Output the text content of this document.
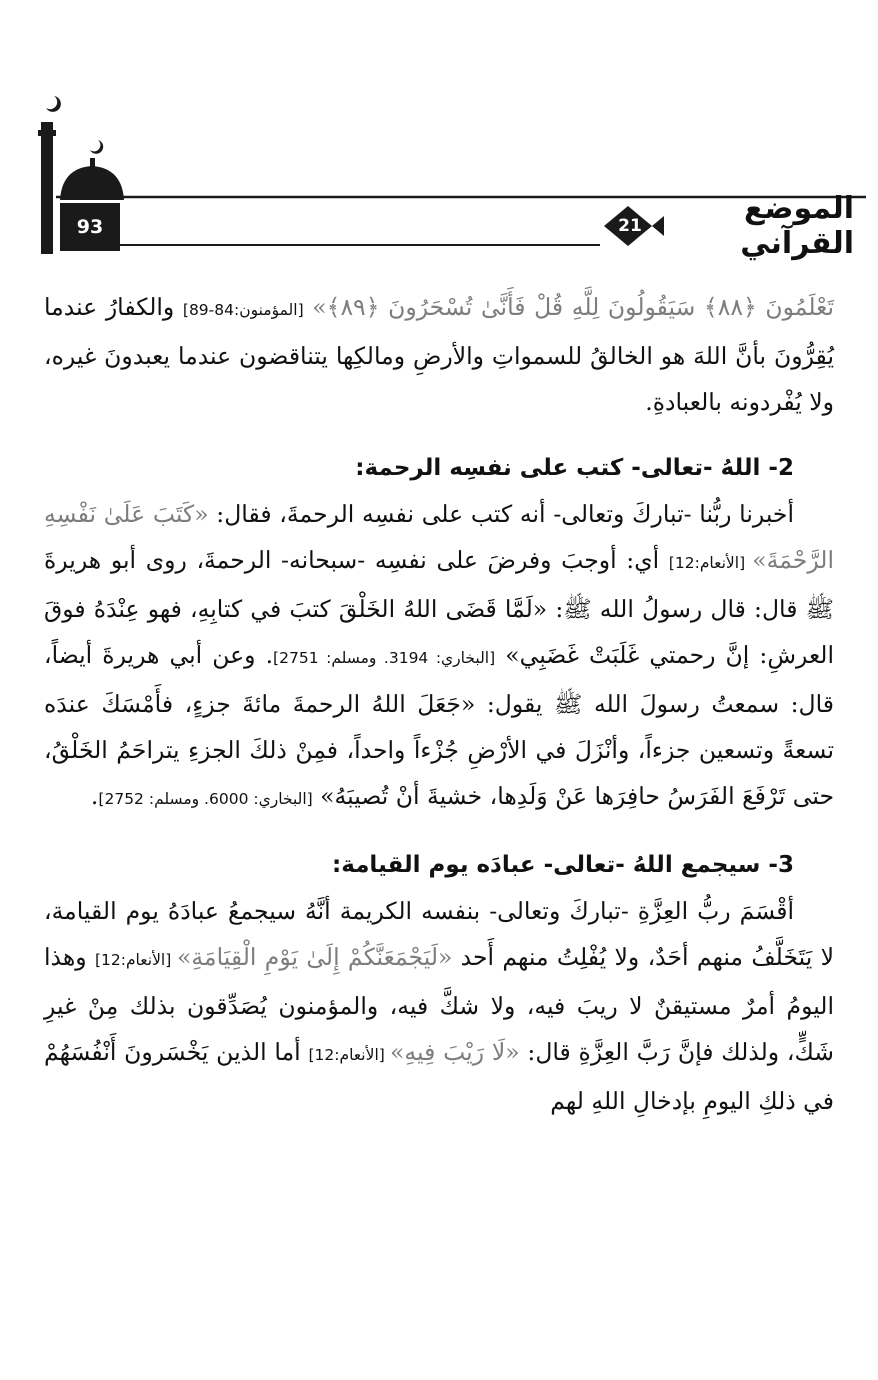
93	21	الموضع القرآني

تَعْلَمُونَ ﴿٨٨﴾ سَيَقُولُونَ لِلَّهِ قُلْ فَأَنَّىٰ تُسْحَرُونَ ﴿٨٩﴾» [المؤمنون:84-89] والكفارُ عندما يُقِرُّونَ بأنَّ اللهَ هو الخالقُ للسمواتِ والأرضِ ومالكِها يتناقضون عندما يعبدونَ غيره، ولا يُفْردونه بالعبادةِ.

2- اللهُ -تعالى- كتب على نفسِه الرحمة:

أخبرنا ربُّنا -تباركَ وتعالى- أنه كتب على نفسِه الرحمةَ، فقال: «كَتَبَ عَلَىٰ نَفْسِهِ الرَّحْمَةَ» [الأنعام:12] أي: أوجبَ وفرضَ على نفسِه -سبحانه- الرحمةَ، روى أبو هريرةَ ﷺ قال: قال رسولُ الله ﷺ: «لَمَّا قَضَى اللهُ الخَلْقَ كتبَ في كتابِهِ، فهو عِنْدَهُ فوقَ العرشِ: إنَّ رحمتي غَلَبَتْ غَضَبِي» [البخاري: 3194. ومسلم: 2751]. وعن أبي هريرةَ أيضاً، قال: سمعتُ رسولَ الله ﷺ يقول: «جَعَلَ اللهُ الرحمةَ مائةَ جزءٍ، فأَمْسَكَ عندَه تسعةً وتسعين جزءاً، وأنْزَلَ في الأرْضِ جُزْءاً واحداً، فمِنْ ذلكَ الجزءِ يتراحَمُ الخَلْقُ، حتى تَرْفَعَ الفَرَسُ حافِرَها عَنْ وَلَدِها، خشيةَ أنْ تُصيبَهُ» [البخاري: 6000. ومسلم: 2752].

3- سيجمع اللهُ -تعالى- عبادَه يوم القيامة:

أقْسَمَ ربُّ العِزَّةِ -تباركَ وتعالى- بنفسه الكريمة أنَّهُ سيجمعُ عبادَهُ يوم القيامة، لا يَتَخَلَّفُ منهم أحَدٌ، ولا يُفْلِتُ منهم أَحد «لَيَجْمَعَنَّكُمْ إِلَىٰ يَوْمِ الْقِيَامَةِ» [الأنعام:12] وهذا اليومُ أمرٌ مستيقنٌ لا ريبَ فيه، ولا شكَّ فيه، والمؤمنون يُصَدِّقون بذلك مِنْ غيرِ شَكٍّ، ولذلك فإنَّ رَبَّ العِزَّةِ قال: «لَا رَيْبَ فِيهِ» [الأنعام:12] أما الذين يَخْسَرونَ أَنْفُسَهُمْ في ذلكِ اليومِ بإدخالِ اللهِ لهم
